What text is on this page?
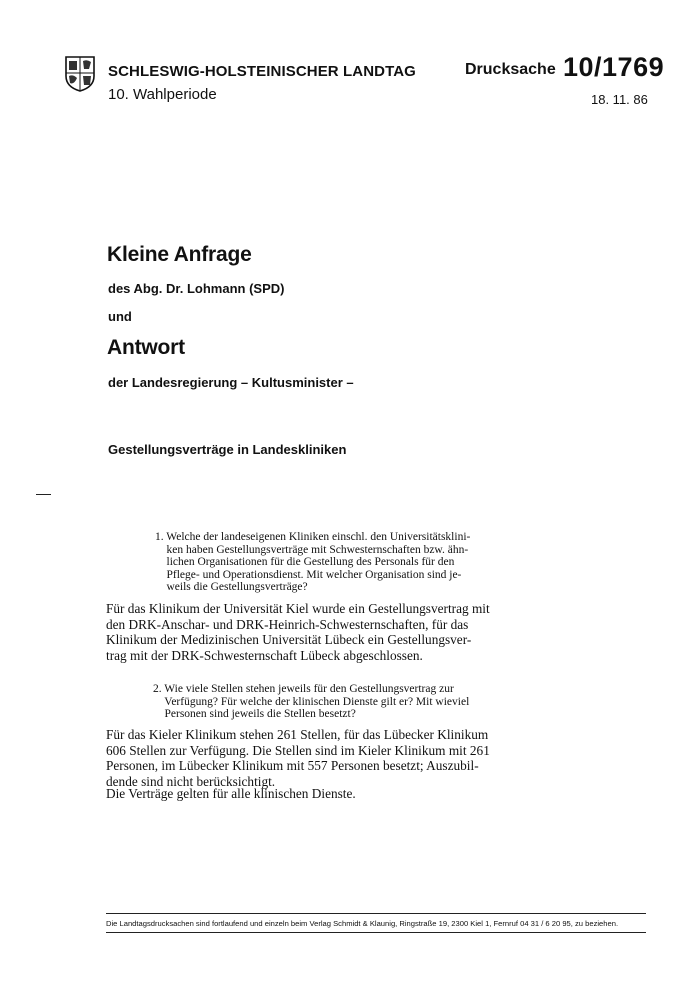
SCHLESWIG-HOLSTEINISCHER LANDTAG
10. Wahlperiode
Drucksache 10/1769
18. 11. 86
Kleine Anfrage
des Abg. Dr. Lohmann (SPD)
und
Antwort
der Landesregierung – Kultusminister –
Gestellungsverträge in Landeskliniken
1. Welche der landeseigenen Kliniken einschl. den Universitätsklini-
ken haben Gestellungsverträge mit Schwesternschaften bzw. ähn-
lichen Organisationen für die Gestellung des Personals für den
Pflege- und Operationsdienst. Mit welcher Organisation sind je-
weils die Gestellungsverträge?
Für das Klinikum der Universität Kiel wurde ein Gestellungsvertrag mit
den DRK-Anschar- und DRK-Heinrich-Schwesternschaften, für das
Klinikum der Medizinischen Universität Lübeck ein Gestellungsver-
trag mit der DRK-Schwesternschaft Lübeck abgeschlossen.
2. Wie viele Stellen stehen jeweils für den Gestellungsvertrag zur
Verfügung? Für welche der klinischen Dienste gilt er? Mit wieviel
Personen sind jeweils die Stellen besetzt?
Für das Kieler Klinikum stehen 261 Stellen, für das Lübecker Klinikum
606 Stellen zur Verfügung. Die Stellen sind im Kieler Klinikum mit 261
Personen, im Lübecker Klinikum mit 557 Personen besetzt; Auszubil-
dende sind nicht berücksichtigt.
Die Verträge gelten für alle klinischen Dienste.
Die Landtagsdrucksachen sind fortlaufend und einzeln beim Verlag Schmidt & Klaunig, Ringstraße 19, 2300 Kiel 1, Fernruf 04 31 / 6 20 95, zu beziehen.
